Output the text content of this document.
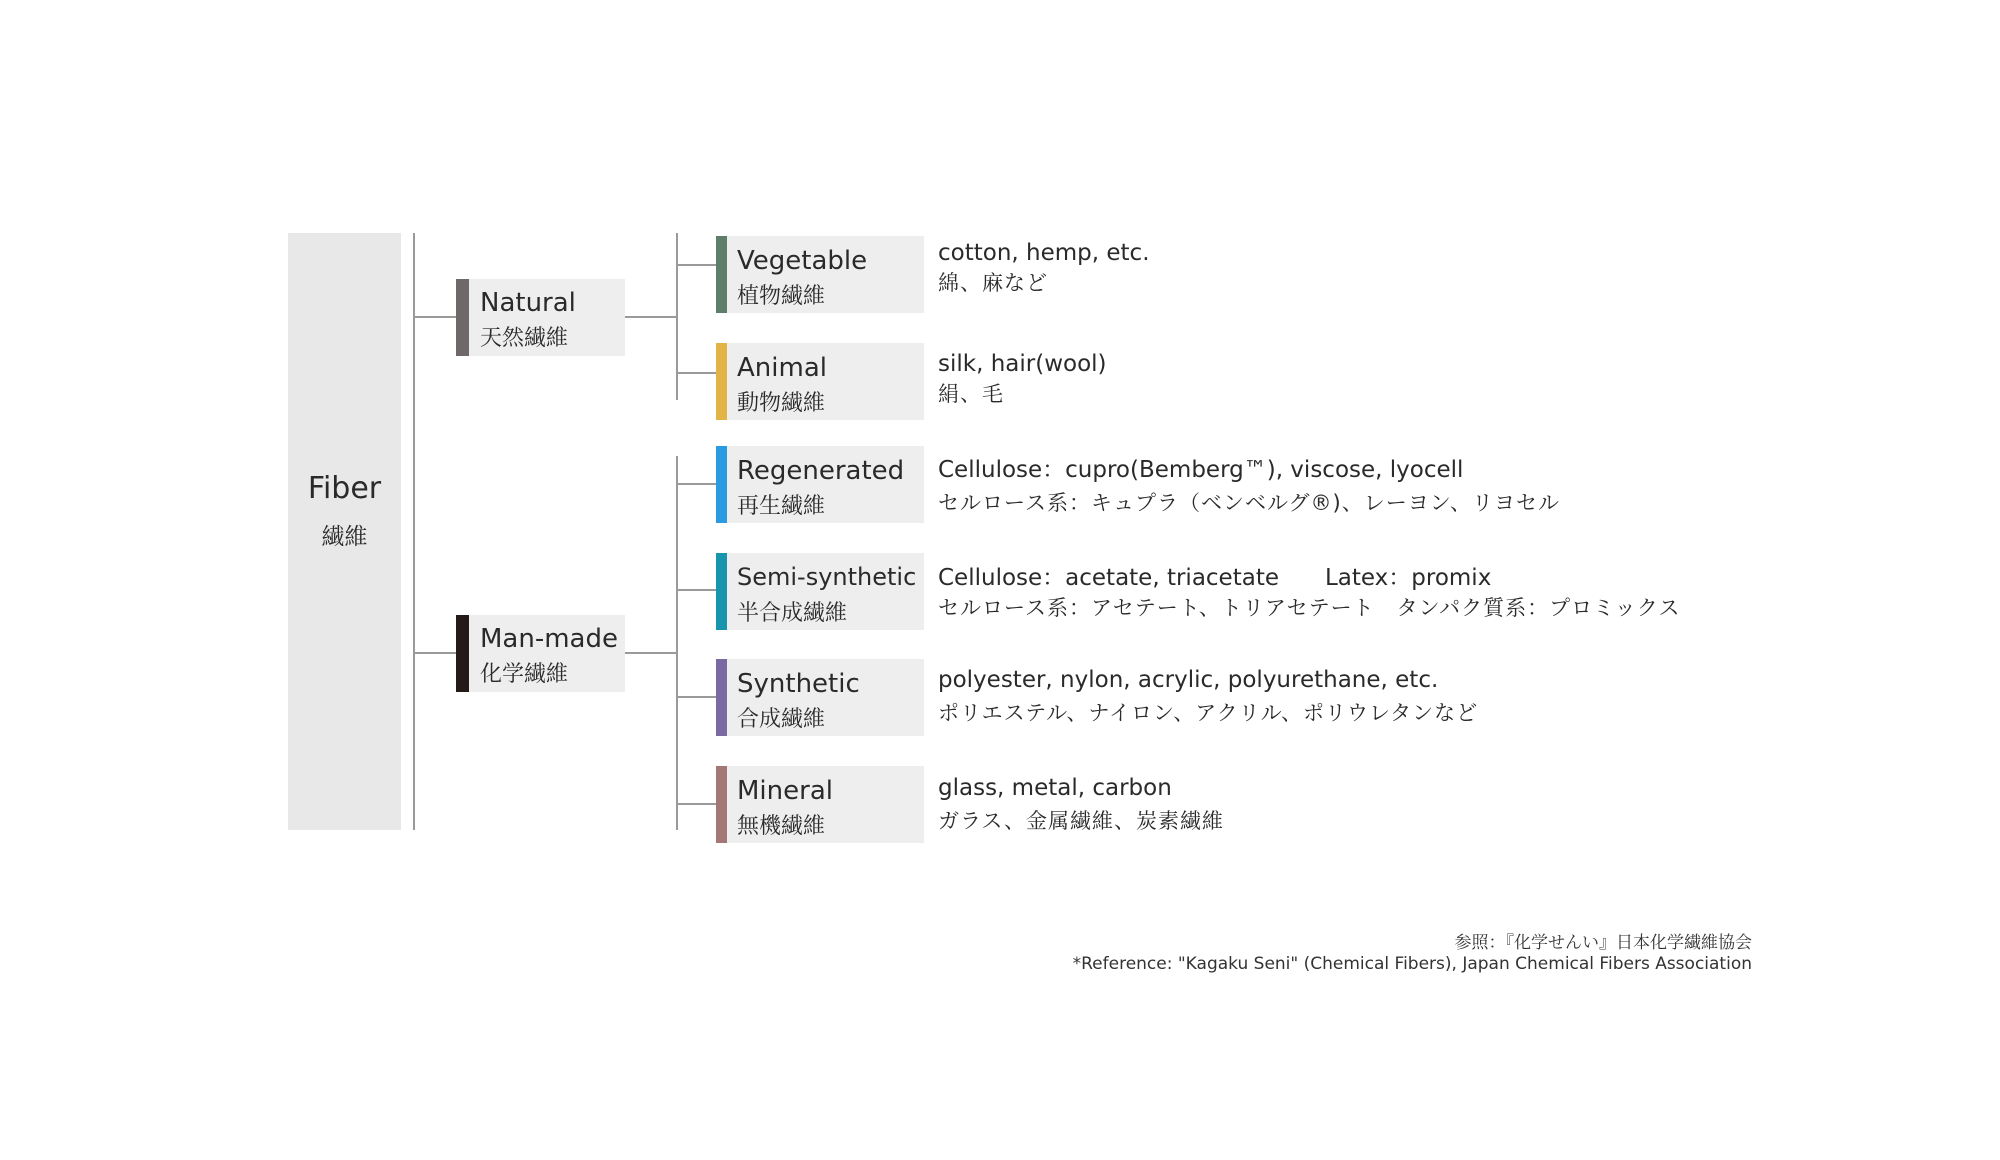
Fiber
繊維
Natural
天然繊維
Man-made
化学繊維
Vegetable
植物繊維
cotton, hemp, etc.
綿、麻など
Animal
動物繊維
silk, hair(wool)
絹、毛
Regenerated
再生繊維
Cellulose：cupro(Bemberg™), viscose, lyocell
セルロース系：キュプラ（ベンベルグ®)、レーヨン、リヨセル
Semi-synthetic
半合成繊維
Cellulose：acetate, triacetate　　Latex：promix
セルロース系：アセテート、トリアセテート　タンパク質系：プロミックス
Synthetic
合成繊維
polyester, nylon, acrylic, polyurethane, etc.
ポリエステル、ナイロン、アクリル、ポリウレタンなど
Mineral
無機繊維
glass, metal, carbon
ガラス、金属繊維、炭素繊維
参照：『化学せんい』日本化学繊維協会
*Reference: "Kagaku Seni" (Chemical Fibers), Japan Chemical Fibers Association
